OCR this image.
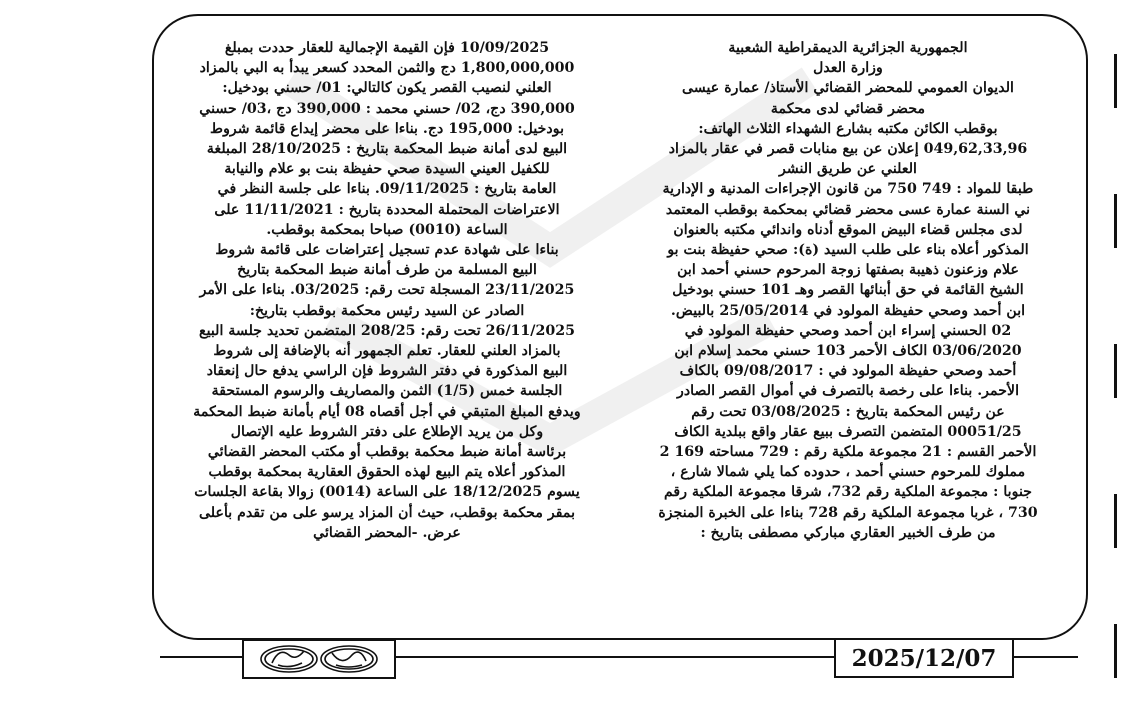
الجمهورية الجزائرية الديمقراطية الشعبية

وزارة العدل

الديوان العمومي للمحضر القضائي الأستاذ/ عمارة عيسى

محضر قضائي لدى محكمة

بوقطب الكائن مكتبه بشارع الشهداء الثلاث الهاتف:

049,62,33,96 إعلان عن بيع منابات قصر في عقار بالمزاد

العلني عن طريق النشر

طبقا للمواد : 749 750 من قانون الإجراءات المدنية و الإدارية

ني السنة عمارة عسى محضر قضائي بمحكمة بوقطب المعتمد

لدى مجلس قضاء البيض الموقع أدناه واندائي مكتبه بالعنوان

المذكور أعلاه بناء على طلب السيد (ة): صحي حفيظة بنت بو

علام وزعنون ذهيبة بصفتها زوجة المرحوم حسني أحمد ابن

الشيخ القائمة في حق أبنائها القصر وهـ 101 حسني بودخيل

ابن أحمد وصحي حفيظة المولود في 25/05/2014 بالبيض.

02 الحسني إسراء ابن أحمد وصحي حفيظة المولود في

03/06/2020 الكاف الأحمر 103 حسني محمد إسلام ابن

أحمد وصحي حفيظة المولود في : 09/08/2017 بالكاف

الأحمر. بناءا على رخصة بالتصرف في أموال القصر الصادر

عن رئيس المحكمة بتاريخ : 03/08/2025 تحت رقم

00051/25 المتضمن التصرف ببيع عقار واقع ببلدية الكاف

الأحمر القسم : 21 مجموعة ملكية رقم : 729 مساحته 169 2

مملوك للمرحوم حسني أحمد ، حدوده كما يلي شمالا شارع ،

جنوبا : مجموعة الملكية رقم 732، شرقا مجموعة الملكية رقم

730 ، غربا مجموعة الملكية رقم 728 بناءا على الخبرة المنجزة

من طرف الخبير العقاري مباركي مصطفى بتاريخ :

10/09/2025 فإن القيمة الإجمالية للعقار حددت بمبلغ

1,800,000,000 دج والثمن المحدد كسعر يبدأ به البي بالمزاد

العلني لنصيب القصر يكون كالتالي: 01/ حسني بودخيل:

390,000 دج، 02/ حسني محمد : 390,000 دج ،03/ حسني

بودخيل: 195,000 دج. بناءا على محضر إيداع قائمة شروط

البيع لدى أمانة ضبط المحكمة بتاريخ : 28/10/2025 المبلغة

للكفيل العيني السيدة صحي حفيظة بنت بو علام والنيابة

العامة بتاريخ : 09/11/2025. بناءا على جلسة النظر في

الاعتراضات المحتملة المحددة بتاريخ : 11/11/2021 على

الساعة (0010) صباحا بمحكمة بوقطب.

بناءا على شهادة عدم تسجيل إعتراضات على قائمة شروط

البيع المسلمة من طرف أمانة ضبط المحكمة بتاريخ

23/11/2025 المسجلة تحت رقم: 03/2025. بناءا على الأمر

الصادر عن السيد رئيس محكمة بوقطب بتاريخ:

26/11/2025 تحت رقم: 208/25 المتضمن تحديد جلسة البيع

بالمزاد العلني للعقار. تعلم الجمهور أنه بالإضافة إلى شروط

البيع المذكورة في دفتر الشروط فإن الراسي يدفع حال إنعقاد

الجلسة خمس (1/5) الثمن والمصاريف والرسوم المستحقة

ويدفع المبلغ المتبقي في أجل أقصاه 08 أيام بأمانة ضبط المحكمة

وكل من يريد الإطلاع على دفتر الشروط عليه الإتصال

برئاسة أمانة ضبط محكمة بوقطب أو مكتب المحضر القضائي

المذكور أعلاه يتم البيع لهذه الحقوق العقارية بمحكمة بوقطب

يسوم 18/12/2025 على الساعة (0014) زوالا بقاعة الجلسات

بمقر محكمة بوقطب، حيث أن المزاد يرسو على من تقدم بأعلى

عرض. -المحضر القضائي

2025/12/07
